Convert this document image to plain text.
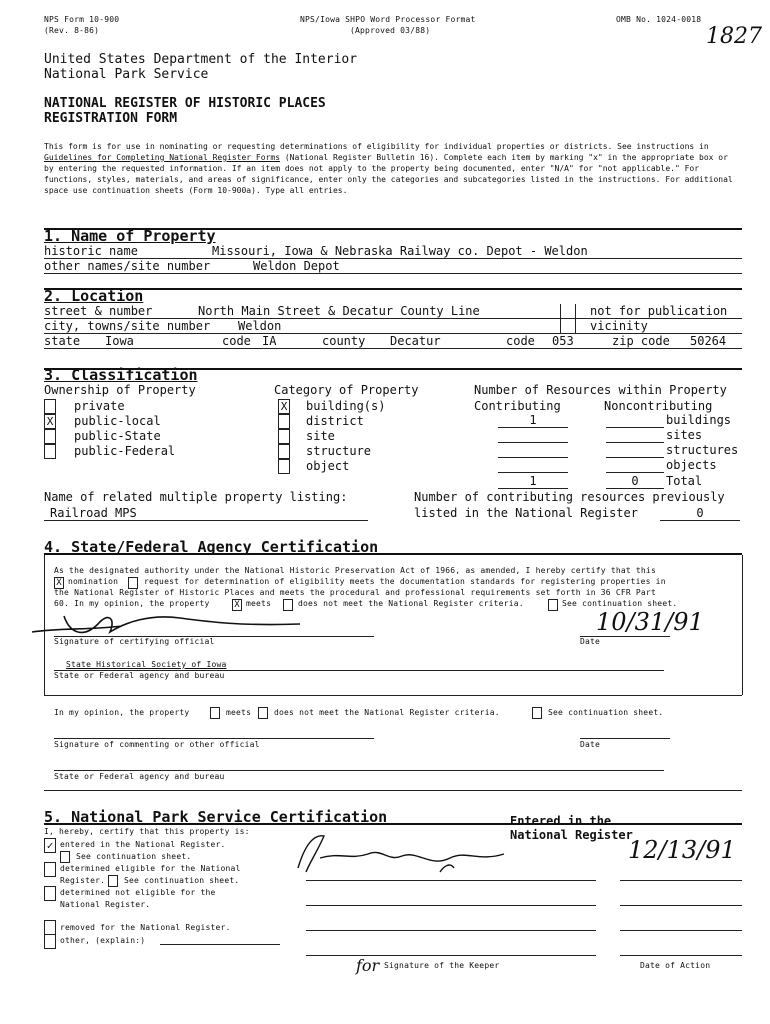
NPS Form 10-900
(Rev. 8-86)
NPS/Iowa SHPO Word Processor Format
(Approved 03/88)
OMB No. 1024-0018
1827
United States Department of the Interior
National Park Service
NATIONAL REGISTER OF HISTORIC PLACES
REGISTRATION FORM
This form is for use in nominating or requesting determinations of eligibility for individual properties or districts. See instructions in Guidelines for Completing National Register Forms (National Register Bulletin 16). Complete each item by marking "x" in the appropriate box or by entering the requested information. If an item does not apply to the property being documented, enter "N/A" for "not applicable." For functions, styles, materials, and areas of significance, enter only the categories and subcategories listed in the instructions. For additional space use continuation sheets (Form 10-900a). Type all entries.
1. Name of Property
historic name	Missouri, Iowa & Nebraska Railway co. Depot - Weldon
other names/site number	Weldon Depot
2. Location
street & number	North Main Street & Decatur County Line	not for publication
city, towns/site number Weldon	vicinity
state Iowa	code IA	county Decatur	code 053	zip code 50264
3. Classification
Ownership of Property	Category of Property	Number of Resources within Property
private
X public-local
public-State
public-Federal
X building(s)
district
site
structure
object
Contributing	Noncontributing
1	buildings
sites
structures
objects
1	0	Total
Name of related multiple property listing:
Railroad MPS
Number of contributing resources previously
listed in the National Register	0
4. State/Federal Agency Certification
As the designated authority under the National Historic Preservation Act of 1966, as amended, I hereby certify that this
X nomination	request for determination of eligibility meets the documentation standards for registering properties in
the National Register of Historic Places and meets the procedural and professional requirements set forth in 36 CFR Part
60. In my opinion, the property	X meets	does not meet the National Register criteria.	See continuation sheet.
10/31/91
Signature of certifying official	Date
State Historical Society of Iowa
State or Federal agency and bureau
In my opinion, the property	meets	does not meet the National Register criteria.	See continuation sheet.
Signature of commenting or other official	Date
State or Federal agency and bureau
5. National Park Service Certification	Entered in the
National Register
I, hereby, certify that this property is:
✓ entered in the National Register.
See continuation sheet.
determined eligible for the National
Register. See continuation sheet.
determined not eligible for the
National Register.
removed for the National Register.
other, (explain:)
12/13/91
for Signature of the Keeper	Date of Action
